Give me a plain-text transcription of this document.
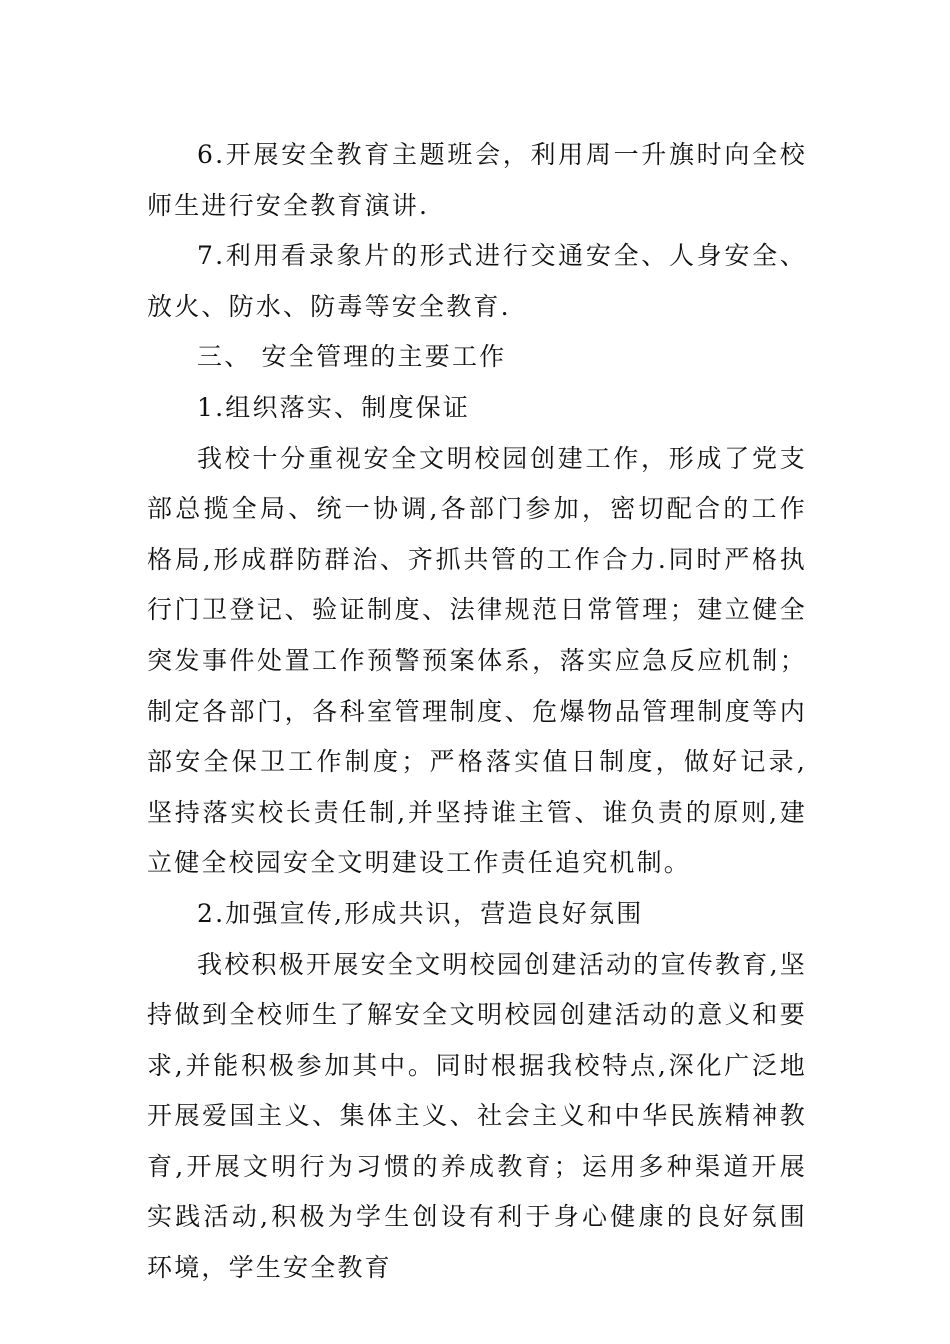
6.开展安全教育主题班会，利用周一升旗时向全校师生进行安全教育演讲.

7.利用看录象片的形式进行交通安全、人身安全、放火、防水、防毒等安全教育.

三、 安全管理的主要工作

1.组织落实、制度保证

我校十分重视安全文明校园创建工作，形成了党支部总揽全局、统一协调,各部门参加，密切配合的工作格局,形成群防群治、齐抓共管的工作合力.同时严格执行门卫登记、验证制度、法律规范日常管理；建立健全突发事件处置工作预警预案体系，落实应急反应机制；制定各部门，各科室管理制度、危爆物品管理制度等内部安全保卫工作制度；严格落实值日制度，做好记录,坚持落实校长责任制,并坚持谁主管、谁负责的原则,建立健全校园安全文明建设工作责任追究机制。

2.加强宣传,形成共识，营造良好氛围

我校积极开展安全文明校园创建活动的宣传教育,坚持做到全校师生了解安全文明校园创建活动的意义和要求,并能积极参加其中。同时根据我校特点,深化广泛地开展爱国主义、集体主义、社会主义和中华民族精神教育,开展文明行为习惯的养成教育；运用多种渠道开展实践活动,积极为学生创设有利于身心健康的良好氛围环境，学生安全教育
